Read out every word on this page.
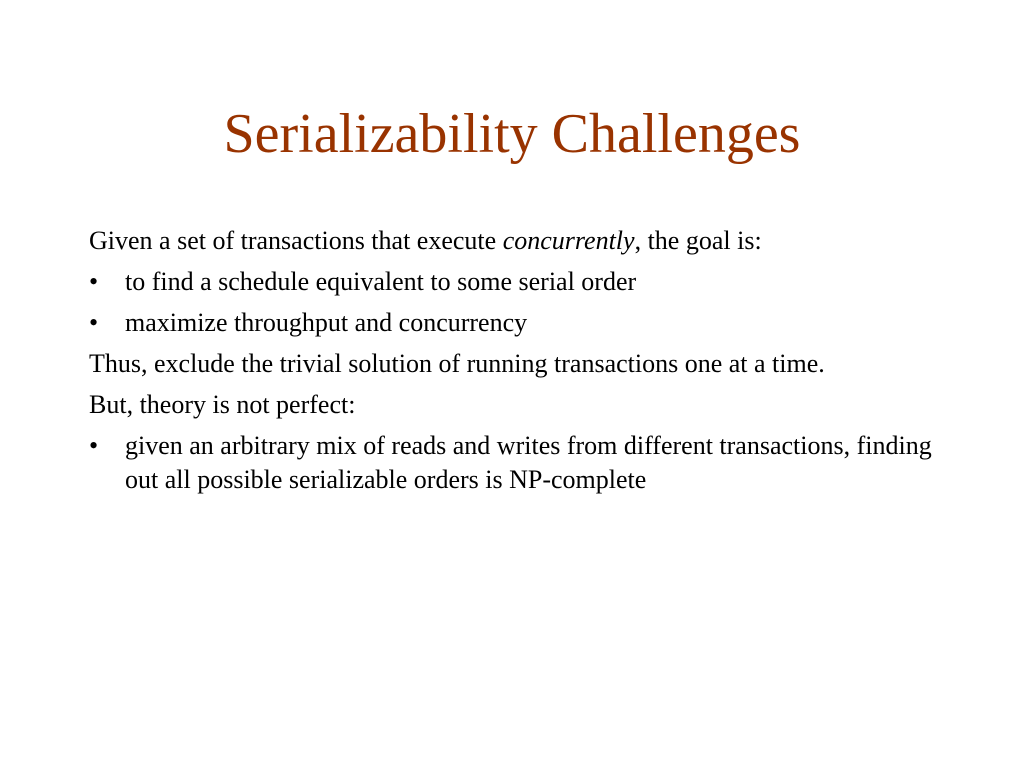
Serializability Challenges

Given a set of transactions that execute concurrently, the goal is:

•	to find a schedule equivalent to some serial order
•	maximize throughput and concurrency

Thus, exclude the trivial solution of running transactions one at a time.

But, theory is not perfect:

•	given an arbitrary mix of reads and writes from different transactions, finding out all possible serializable orders is NP-complete
